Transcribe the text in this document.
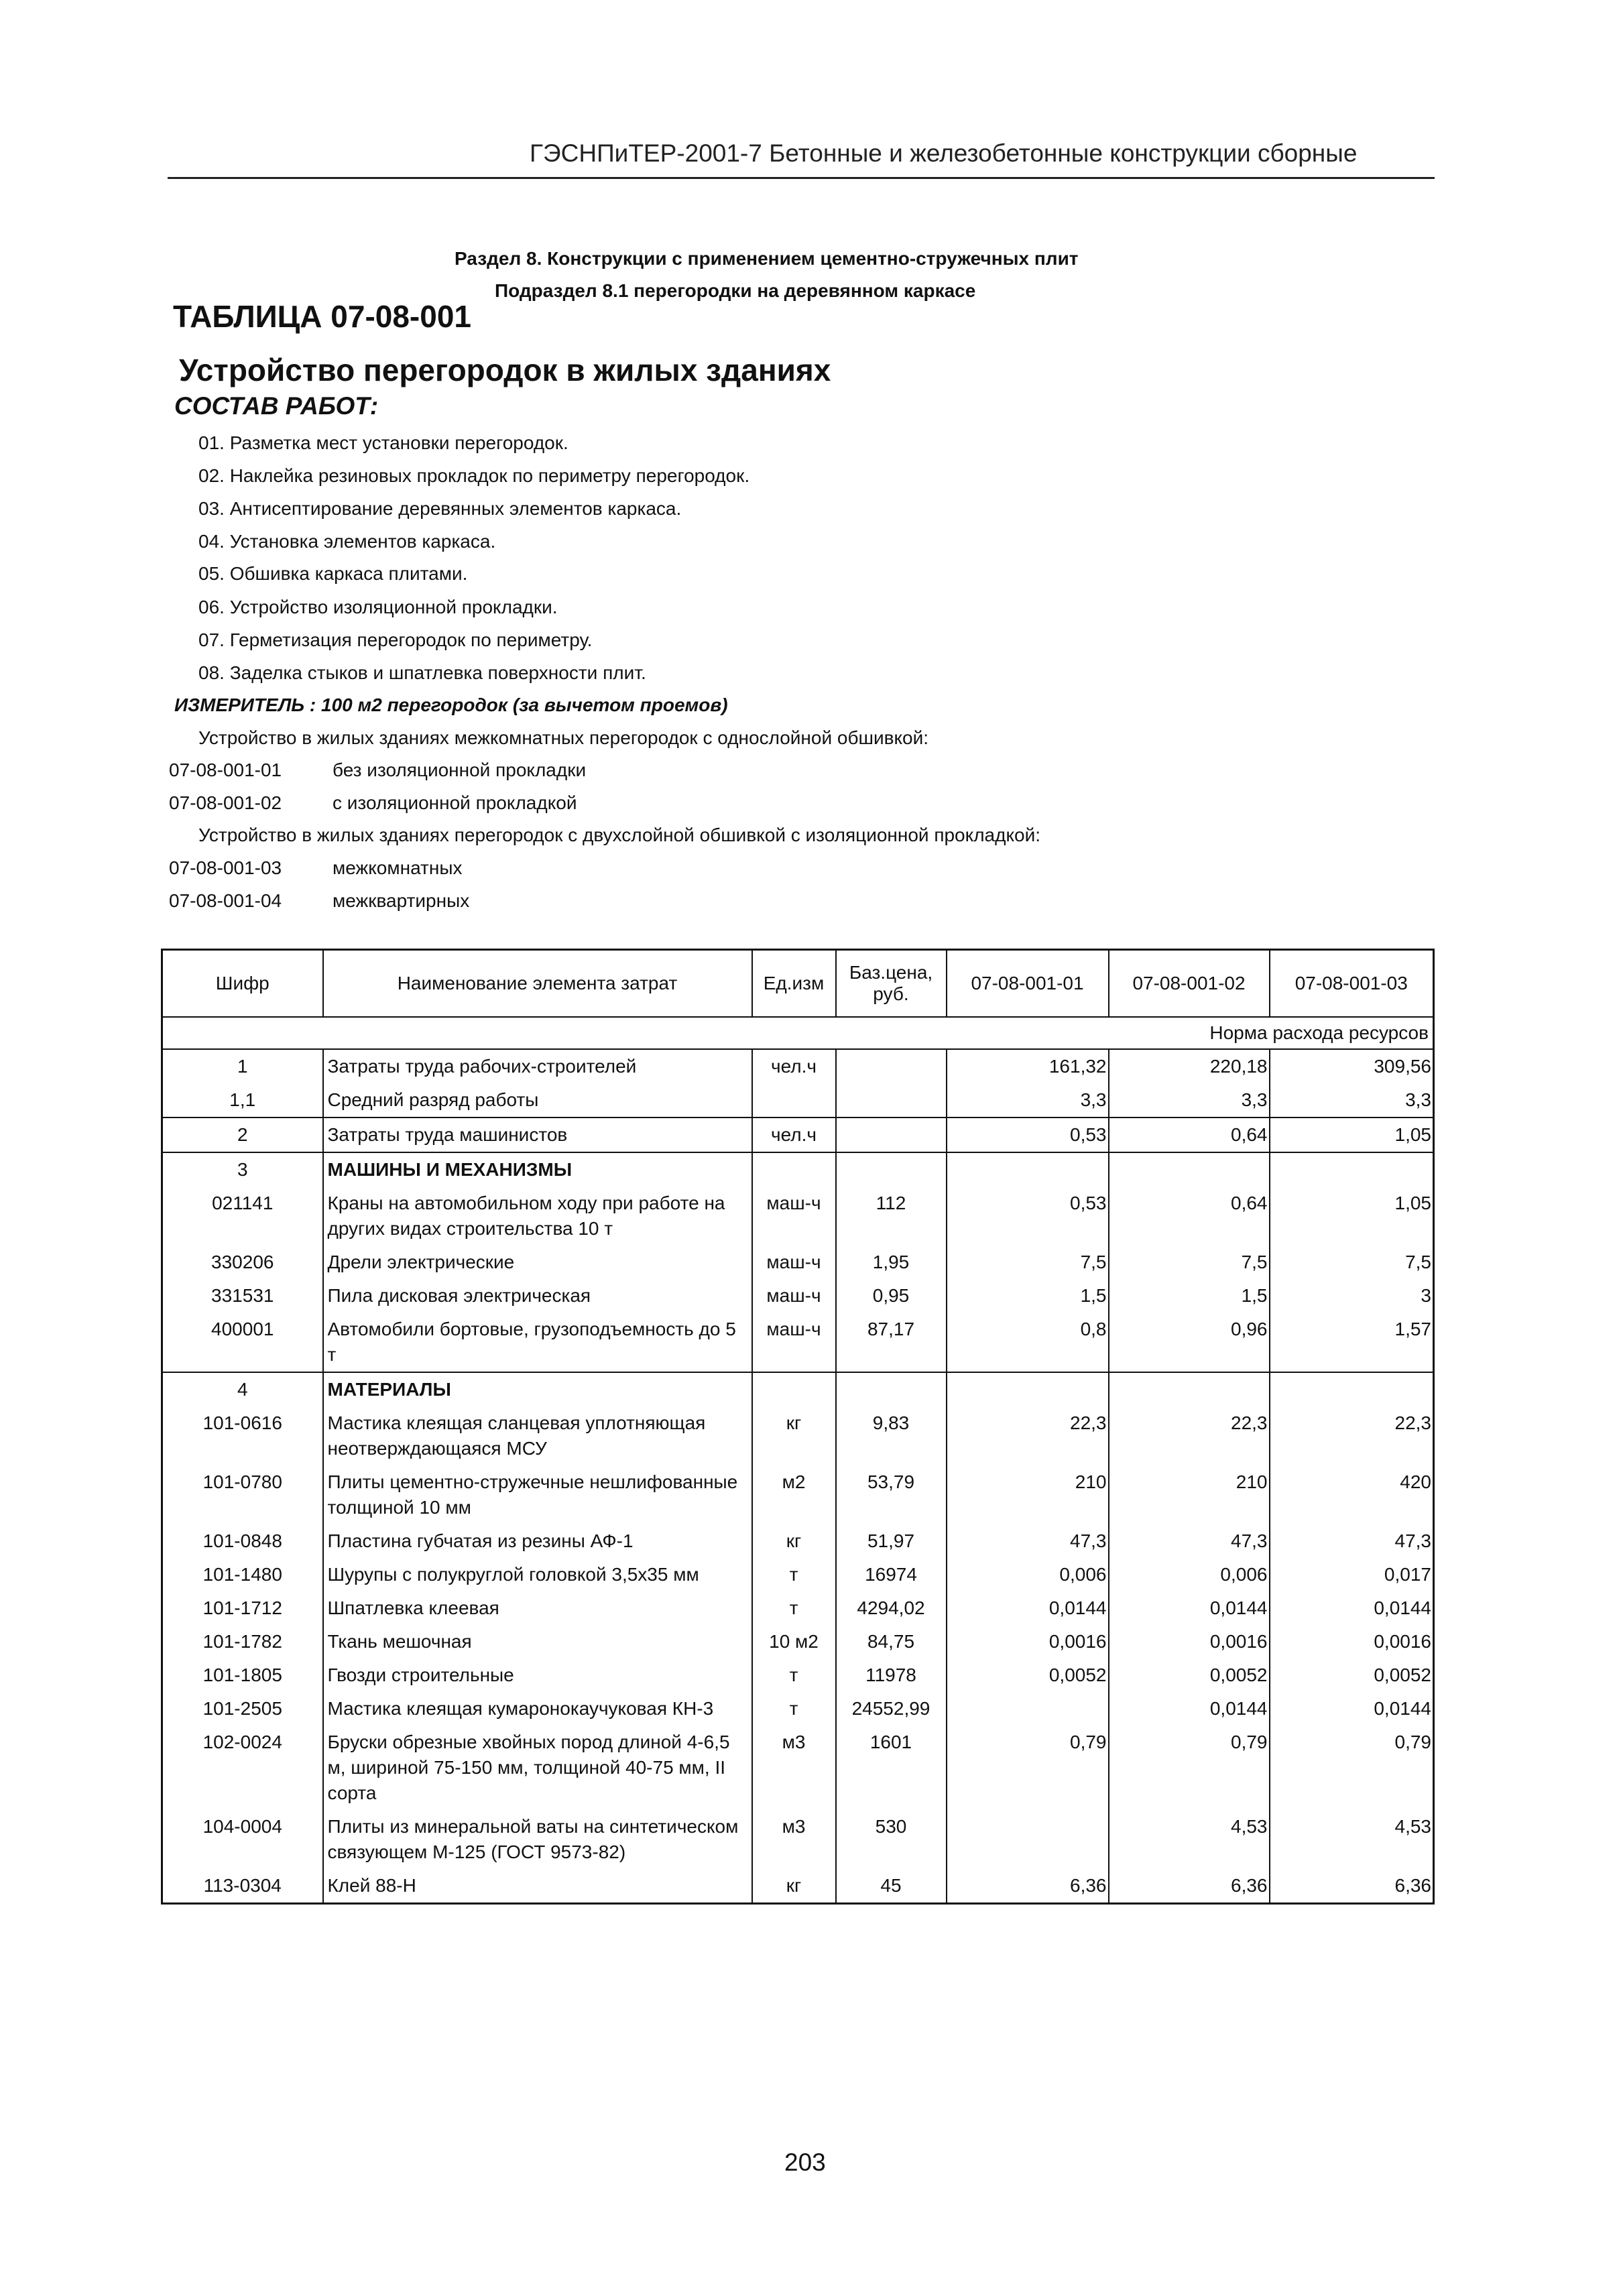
ГЭСНПиТЕР-2001-7 Бетонные и железобетонные конструкции сборные
Раздел 8. Конструкции с применением цементно-стружечных плит
Подраздел 8.1 перегородки на деревянном каркасе
ТАБЛИЦА 07-08-001
Устройство перегородок в жилых зданиях
СОСТАВ РАБОТ:
01. Разметка мест установки перегородок.
02. Наклейка резиновых прокладок по периметру перегородок.
03. Антисептирование деревянных элементов каркаса.
04. Установка элементов каркаса.
05. Обшивка каркаса плитами.
06. Устройство изоляционной прокладки.
07. Герметизация перегородок по периметру.
08. Заделка стыков и шпатлевка поверхности плит.
ИЗМЕРИТЕЛЬ : 100 м2 перегородок (за вычетом проемов)
Устройство в жилых зданиях межкомнатных перегородок с однослойной обшивкой:
07-08-001-01	без изоляционной прокладки
07-08-001-02	с изоляционной прокладкой
Устройство в жилых зданиях перегородок с двухслойной обшивкой с изоляционной прокладкой:
07-08-001-03	межкомнатных
07-08-001-04	межквартирных
Шифр	Наименование элемента затрат	Ед.изм	Баз.цена, руб.	07-08-001-01	07-08-001-02	07-08-001-03
Норма расхода ресурсов						
1	Затраты труда рабочих-строителей	чел.ч		161,32	220,18	309,56
1,1	Средний разряд работы			3,3	3,3	3,3
2	Затраты труда машинистов	чел.ч		0,53	0,64	1,05
3	МАШИНЫ И МЕХАНИЗМЫ					
021141	Краны на автомобильном ходу при работе на других видах строительства 10 т	маш-ч	112	0,53	0,64	1,05
330206	Дрели электрические	маш-ч	1,95	7,5	7,5	7,5
331531	Пила дисковая электрическая	маш-ч	0,95	1,5	1,5	3
400001	Автомобили бортовые, грузоподъемность до 5 т	маш-ч	87,17	0,8	0,96	1,57
4	МАТЕРИАЛЫ					
101-0616	Мастика клеящая сланцевая уплотняющая неотверждающаяся МСУ	кг	9,83	22,3	22,3	22,3
101-0780	Плиты цементно-стружечные нешлифованные толщиной 10 мм	м2	53,79	210	210	420
101-0848	Пластина губчатая из резины АФ-1	кг	51,97	47,3	47,3	47,3
101-1480	Шурупы с полукруглой головкой 3,5х35 мм	т	16974	0,006	0,006	0,017
101-1712	Шпатлевка клеевая	т	4294,02	0,0144	0,0144	0,0144
101-1782	Ткань мешочная	10 м2	84,75	0,0016	0,0016	0,0016
101-1805	Гвозди строительные	т	11978	0,0052	0,0052	0,0052
101-2505	Мастика клеящая кумаронокаучуковая КН-3	т	24552,99		0,0144	0,0144
102-0024	Бруски обрезные хвойных пород длиной 4-6,5 м, шириной 75-150 мм, толщиной 40-75 мм, II сорта	м3	1601	0,79	0,79	0,79
104-0004	Плиты из минеральной ваты на синтетическом связующем М-125 (ГОСТ 9573-82)	м3	530		4,53	4,53
113-0304	Клей 88-Н	кг	45	6,36	6,36	6,36
203
